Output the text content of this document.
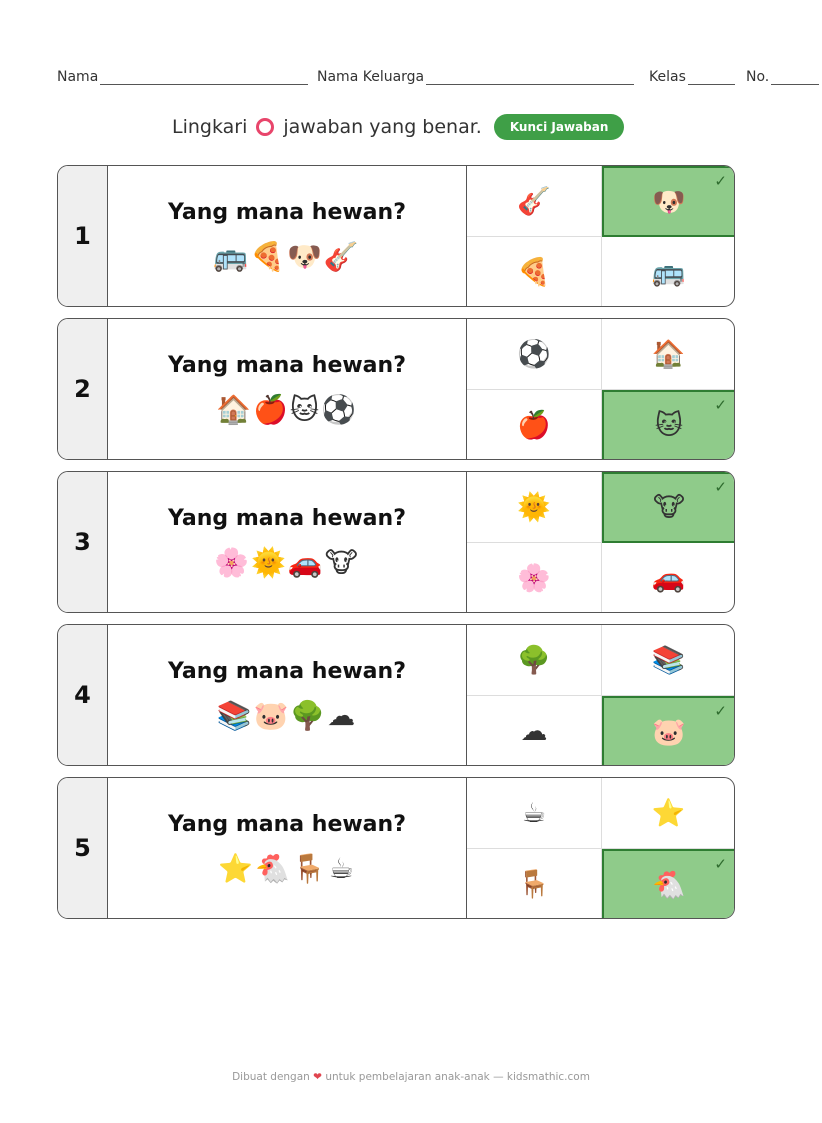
Nama	Nama Keluarga	Kelas	No.
Lingkari jawaban yang benar.	Kunci Jawaban
1
Yang mana hewan?
🚌🍕🐶🎸
🎸	🐶
✓
🍕	🚌
2
Yang mana hewan?
🏠🍎🐱⚽
⚽	🏠
🍎	🐱
✓
3
Yang mana hewan?
🌸🌞🚗🐮
🌞	🐮
✓
🌸	🚗
4
Yang mana hewan?
📚🐷🌳☁
🌳	📚
☁	🐷
✓
5
Yang mana hewan?
⭐🐔🪑☕
☕	⭐
🪑	🐔
✓
Dibuat dengan ❤ untuk pembelajaran anak-anak — kidsmathic.com
